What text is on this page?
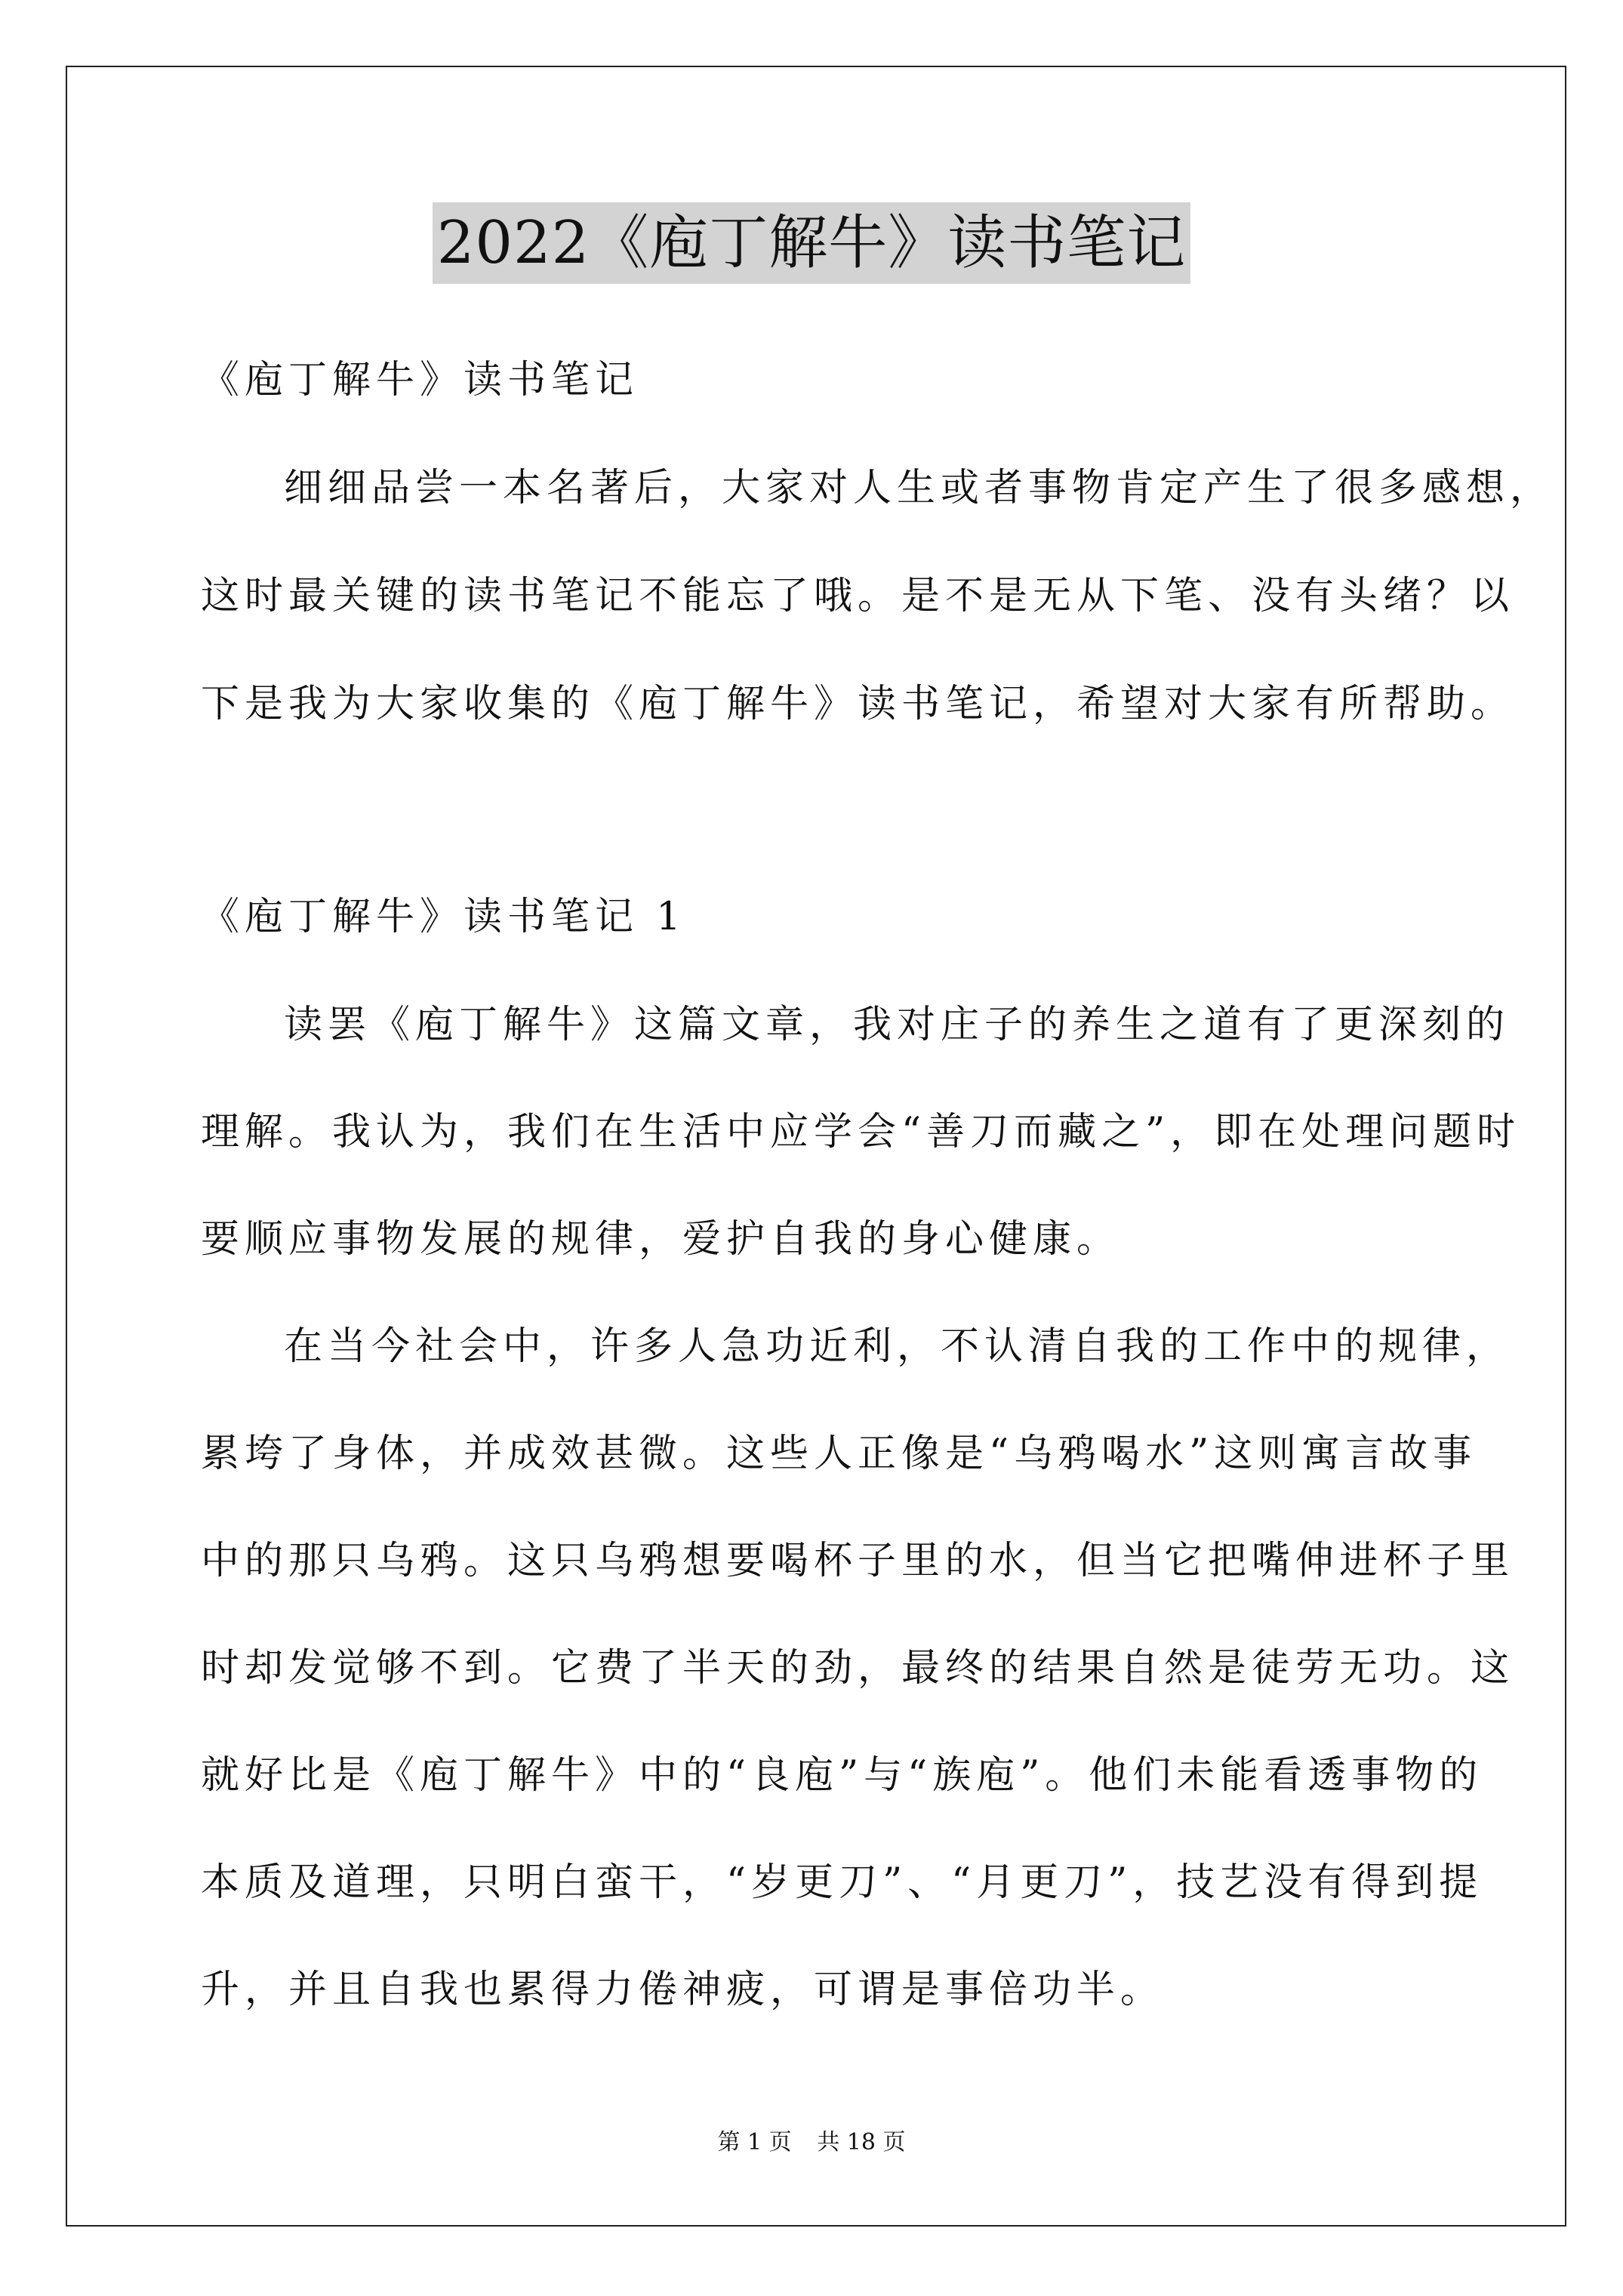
2022《庖丁解牛》读书笔记
《庖丁解牛》读书笔记
细细品尝一本名著后，大家对人生或者事物肯定产生了很多感想，
这时最关键的读书笔记不能忘了哦。是不是无从下笔、没有头绪？以
下是我为大家收集的《庖丁解牛》读书笔记，希望对大家有所帮助。
《庖丁解牛》读书笔记 1
读罢《庖丁解牛》这篇文章，我对庄子的养生之道有了更深刻的
理解。我认为，我们在生活中应学会“善刀而藏之”，即在处理问题时
要顺应事物发展的规律，爱护自我的身心健康。
在当今社会中，许多人急功近利，不认清自我的工作中的规律，
累垮了身体，并成效甚微。这些人正像是“乌鸦喝水”这则寓言故事
中的那只乌鸦。这只乌鸦想要喝杯子里的水，但当它把嘴伸进杯子里
时却发觉够不到。它费了半天的劲，最终的结果自然是徒劳无功。这
就好比是《庖丁解牛》中的“良庖”与“族庖”。他们未能看透事物的
本质及道理，只明白蛮干，“岁更刀”、“月更刀”，技艺没有得到提
升，并且自我也累得力倦神疲，可谓是事倍功半。
第 1 页 共 18 页
